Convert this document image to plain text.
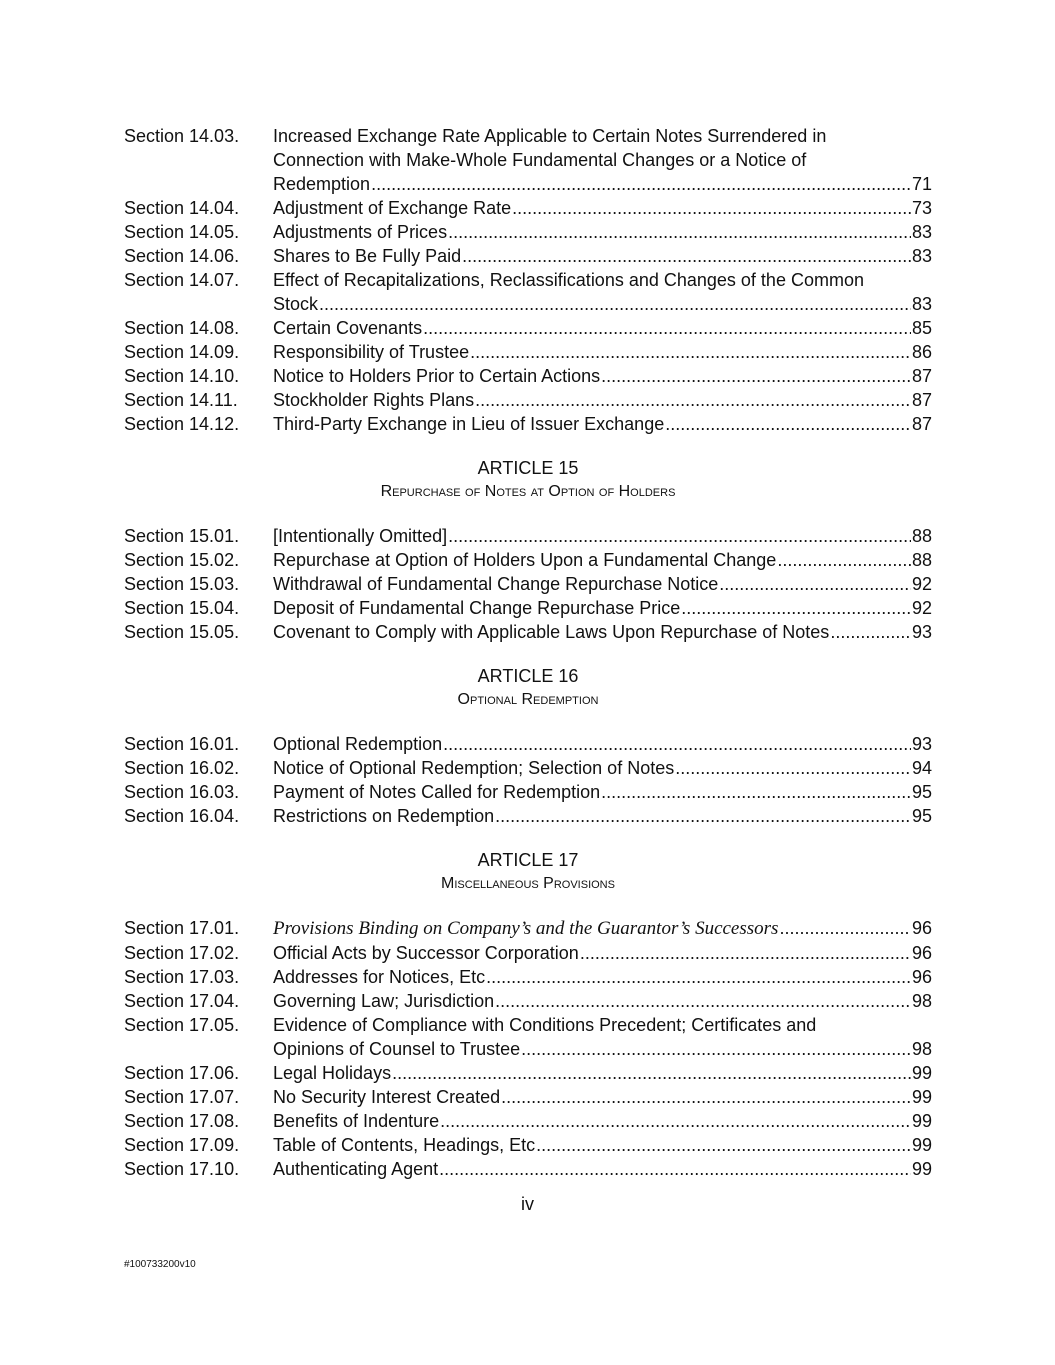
Section 14.03. Increased Exchange Rate Applicable to Certain Notes Surrendered in
Connection with Make-Whole Fundamental Changes or a Notice of
Redemption .....	71
Section 14.04. Adjustment of Exchange Rate .....	73
Section 14.05. Adjustments of Prices .....	83
Section 14.06. Shares to Be Fully Paid .....	83
Section 14.07. Effect of Recapitalizations, Reclassifications and Changes of the Common
Stock .....	83
Section 14.08. Certain Covenants .....	85
Section 14.09. Responsibility of Trustee .....	86
Section 14.10. Notice to Holders Prior to Certain Actions .....	87
Section 14.11. Stockholder Rights Plans .....	87
Section 14.12. Third-Party Exchange in Lieu of Issuer Exchange .....	87
ARTICLE 15
Repurchase of Notes at Option of Holders
Section 15.01. [Intentionally Omitted] .....	88
Section 15.02. Repurchase at Option of Holders Upon a Fundamental Change .....	88
Section 15.03. Withdrawal of Fundamental Change Repurchase Notice .....	92
Section 15.04. Deposit of Fundamental Change Repurchase Price .....	92
Section 15.05. Covenant to Comply with Applicable Laws Upon Repurchase of Notes .....	93
ARTICLE 16
Optional Redemption
Section 16.01. Optional Redemption .....	93
Section 16.02. Notice of Optional Redemption; Selection of Notes .....	94
Section 16.03. Payment of Notes Called for Redemption .....	95
Section 16.04. Restrictions on Redemption .....	95
ARTICLE 17
Miscellaneous Provisions
Section 17.01. Provisions Binding on Company’s and the Guarantor’s Successors .....	96
Section 17.02. Official Acts by Successor Corporation .....	96
Section 17.03. Addresses for Notices, Etc .....	96
Section 17.04. Governing Law; Jurisdiction .....	98
Section 17.05. Evidence of Compliance with Conditions Precedent; Certificates and
Opinions of Counsel to Trustee .....	98
Section 17.06. Legal Holidays .....	99
Section 17.07. No Security Interest Created .....	99
Section 17.08. Benefits of Indenture .....	99
Section 17.09. Table of Contents, Headings, Etc .....	99
Section 17.10. Authenticating Agent .....	99
iv
#100733200v10
